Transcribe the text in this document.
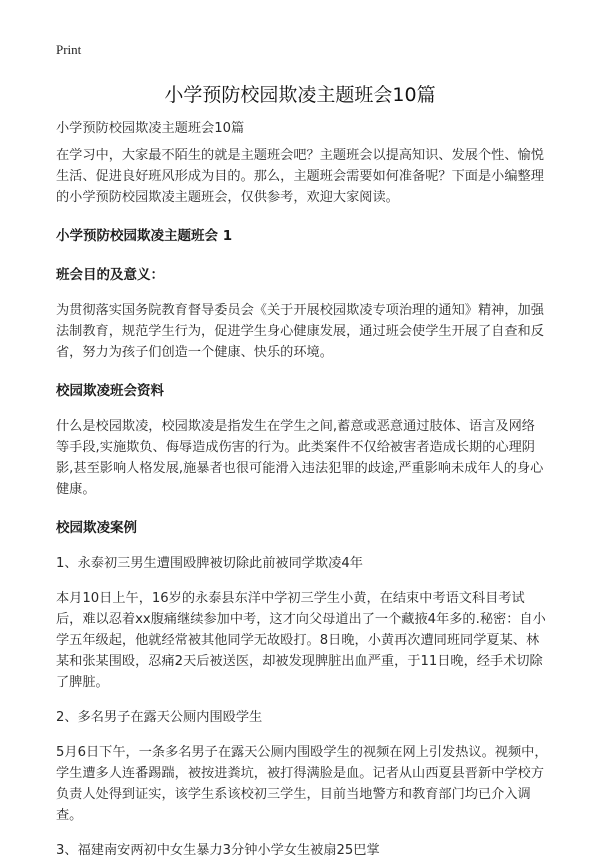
Print
小学预防校园欺凌主题班会10篇

小学预防校园欺凌主题班会10篇

在学习中，大家最不陌生的就是主题班会吧？主题班会以提高知识、发展个性、愉悦生活、促进良好班风形成为目的。那么，主题班会需要如何准备呢？下面是小编整理的小学预防校园欺凌主题班会，仅供参考，欢迎大家阅读。

小学预防校园欺凌主题班会 1

班会目的及意义：

为贯彻落实国务院教育督导委员会《关于开展校园欺凌专项治理的通知》精神，加强法制教育，规范学生行为，促进学生身心健康发展，通过班会使学生开展了自查和反省，努力为孩子们创造一个健康、快乐的环境。

校园欺凌班会资料

什么是校园欺凌，校园欺凌是指发生在学生之间,蓄意或恶意通过肢体、语言及网络等手段,实施欺负、侮辱造成伤害的行为。此类案件不仅给被害者造成长期的心理阴影,甚至影响人格发展,施暴者也很可能滑入违法犯罪的歧途,严重影响未成年人的身心健康。

校园欺凌案例

1、永泰初三男生遭围殴脾被切除此前被同学欺凌4年

本月10日上午，16岁的永泰县东洋中学初三学生小黄，在结束中考语文科目考试后，难以忍着xx腹痛继续参加中考，这才向父母道出了一个藏掖4年多的.秘密：自小学五年级起，他就经常被其他同学无故殴打。8日晚，小黄再次遭同班同学夏某、林某和张某围殴，忍痛2天后被送医，却被发现脾脏出血严重，于11日晚，经手术切除了脾脏。

2、多名男子在露天公厕内围殴学生

5月6日下午，一条多名男子在露天公厕内围殴学生的视频在网上引发热议。视频中，学生遭多人连番踢踹，被按进粪坑，被打得满脸是血。记者从山西夏县晋新中学校方负责人处得到证实，该学生系该校初三学生，目前当地警方和教育部门均已介入调查。

3、福建南安两初中女生暴力3分钟小学女生被扇25巴掌
